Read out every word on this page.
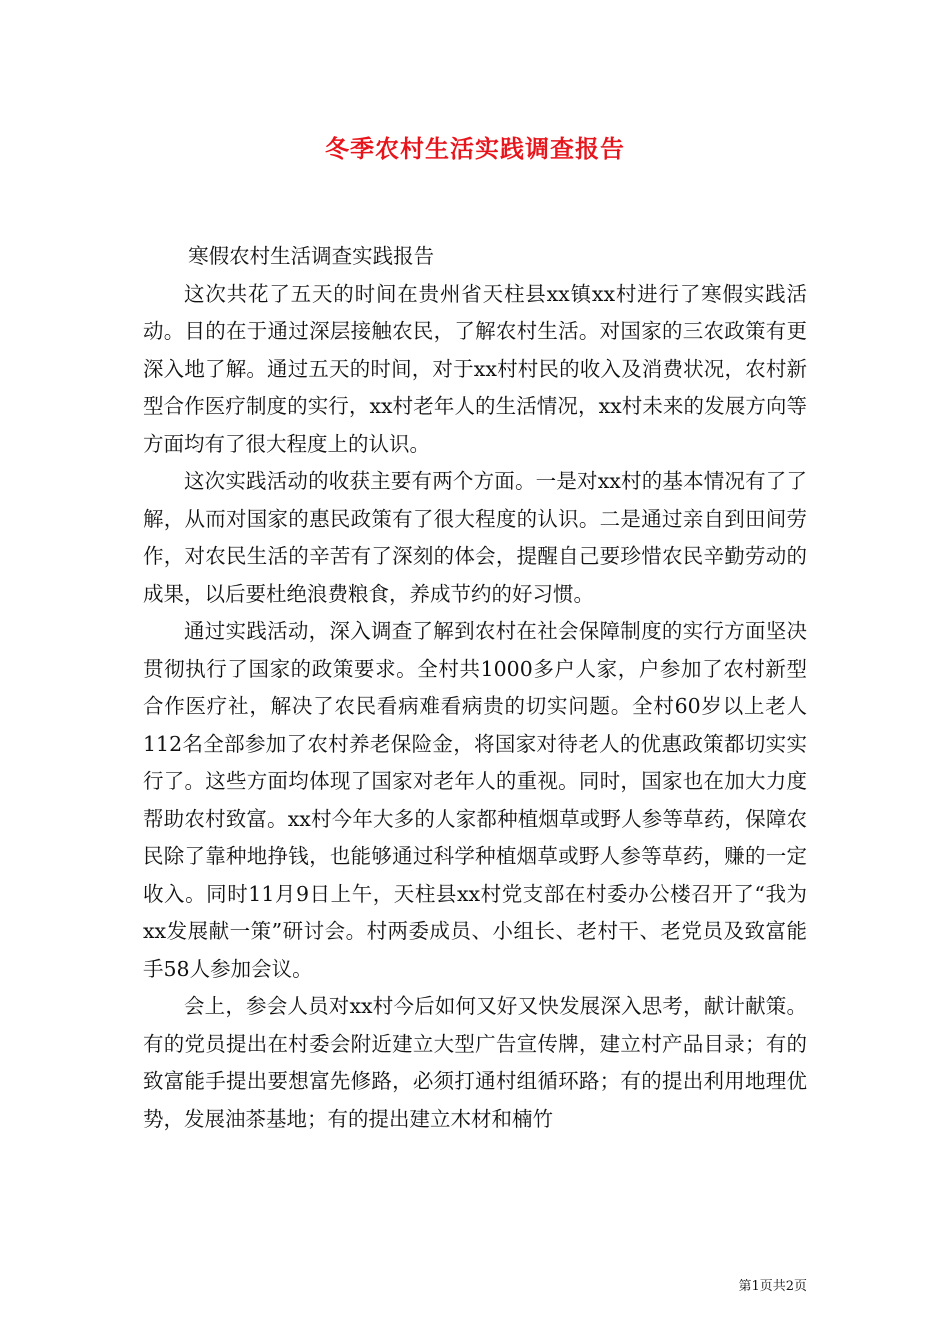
冬季农村生活实践调查报告

寒假农村生活调查实践报告

这次共花了五天的时间在贵州省天柱县xx镇xx村进行了寒假实践活动。目的在于通过深层接触农民，了解农村生活。对国家的三农政策有更深入地了解。通过五天的时间，对于xx村村民的收入及消费状况，农村新型合作医疗制度的实行，xx村老年人的生活情况，xx村未来的发展方向等方面均有了很大程度上的认识。

这次实践活动的收获主要有两个方面。一是对xx村的基本情况有了了解，从而对国家的惠民政策有了很大程度的认识。二是通过亲自到田间劳作，对农民生活的辛苦有了深刻的体会，提醒自己要珍惜农民辛勤劳动的成果，以后要杜绝浪费粮食，养成节约的好习惯。

通过实践活动，深入调查了解到农村在社会保障制度的实行方面坚决贯彻执行了国家的政策要求。全村共1000多户人家，户参加了农村新型合作医疗社，解决了农民看病难看病贵的切实问题。全村60岁以上老人112名全部参加了农村养老保险金，将国家对待老人的优惠政策都切实实行了。这些方面均体现了国家对老年人的重视。同时，国家也在加大力度帮助农村致富。xx村今年大多的人家都种植烟草或野人参等草药，保障农民除了靠种地挣钱，也能够通过科学种植烟草或野人参等草药，赚的一定收入。同时11月9日上午，天柱县xx村党支部在村委办公楼召开了“我为xx发展献一策”研讨会。村两委成员、小组长、老村干、老党员及致富能手58人参加会议。

会上，参会人员对xx村今后如何又好又快发展深入思考，献计献策。有的党员提出在村委会附近建立大型广告宣传牌，建立村产品目录；有的致富能手提出要想富先修路，必须打通村组循环路；有的提出利用地理优势，发展油茶基地；有的提出建立木材和楠竹

第1页共2页
